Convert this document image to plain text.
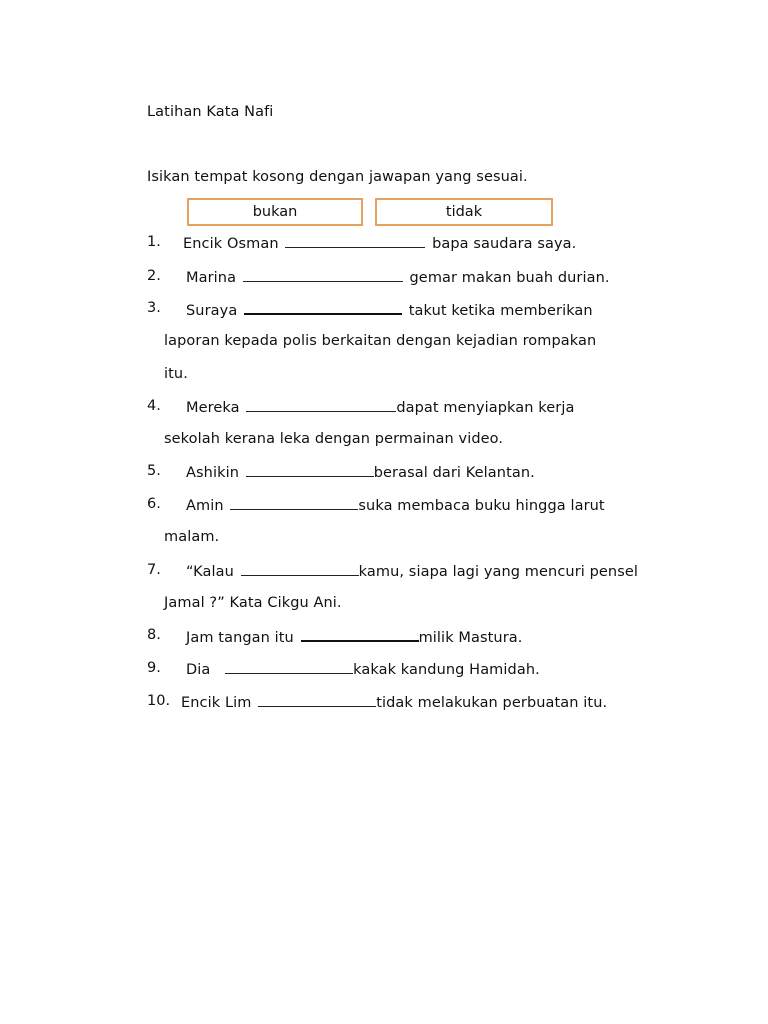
Latihan Kata Nafi
Isikan tempat kosong dengan jawapan yang sesuai.
bukan	tidak
1. Encik Osman	bapa saudara saya.
2. Marina	gemar makan buah durian.
3. Suraya	takut ketika memberikan
laporan kepada polis berkaitan dengan kejadian rompakan
itu.
4. Mereka	dapat menyiapkan kerja
sekolah kerana leka dengan permainan video.
5. Ashikin	berasal dari Kelantan.
6. Amin	suka membaca buku hingga larut
malam.
7. “Kalau	kamu, siapa lagi yang mencuri pensel
Jamal ?” Kata Cikgu Ani.
8. Jam tangan itu	milik Mastura.
9. Dia	kakak kandung Hamidah.
10. Encik Lim	tidak melakukan perbuatan itu.
